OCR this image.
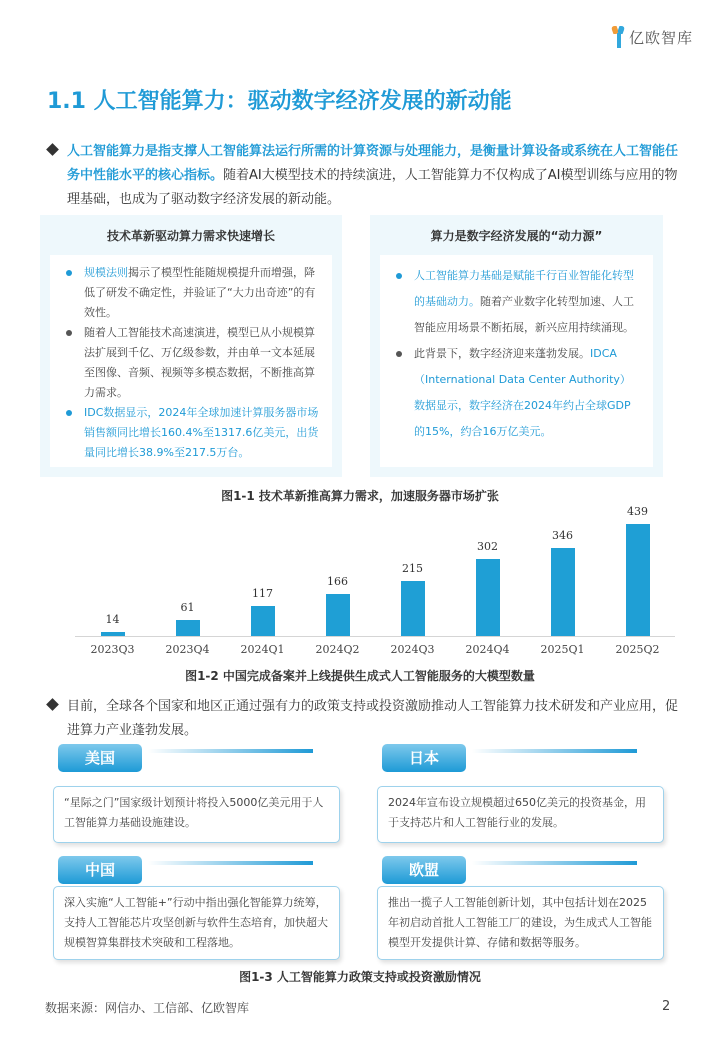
亿欧智库
1.1 人工智能算力：驱动数字经济发展的新动能
人工智能算力是指支撑人工智能算法运行所需的计算资源与处理能力，是衡量计算设备或系统在人工智能任务中性能水平的核心指标。随着AI大模型技术的持续演进，人工智能算力不仅构成了AI模型训练与应用的物理基础，也成为了驱动数字经济发展的新动能。
技术革新驱动算力需求快速增长
规模法则揭示了模型性能随规模提升而增强，降低了研发不确定性，并验证了“大力出奇迹”的有效性。
随着人工智能技术高速演进，模型已从小规模算法扩展到千亿、万亿级参数，并由单一文本延展至图像、音频、视频等多模态数据，不断推高算力需求。
IDC数据显示，2024年全球加速计算服务器市场销售额同比增长160.4%至1317.6亿美元，出货量同比增长38.9%至217.5万台。
算力是数字经济发展的“动力源”
人工智能算力基础是赋能千行百业智能化转型的基础动力。随着产业数字化转型加速、人工智能应用场景不断拓展，新兴应用持续涌现。
此背景下，数字经济迎来蓬勃发展。IDCA（International Data Center Authority）数据显示，数字经济在2024年约占全球GDP的15%，约合16万亿美元。
图1-1 技术革新推高算力需求，加速服务器市场扩张
14
2023Q3
61
2023Q4
117
2024Q1
166
2024Q2
215
2024Q3
302
2024Q4
346
2025Q1
439
2025Q2
图1-2 中国完成备案并上线提供生成式人工智能服务的大模型数量
目前，全球各个国家和地区正通过强有力的政策支持或投资激励推动人工智能算力技术研发和产业应用，促进算力产业蓬勃发展。
美国
“星际之门”国家级计划预计将投入5000亿美元用于人工智能算力基础设施建设。
日本
2024年宣布设立规模超过650亿美元的投资基金，用于支持芯片和人工智能行业的发展。
中国
深入实施“人工智能+”行动中指出强化智能算力统筹，支持人工智能芯片攻坚创新与软件生态培育，加快超大规模智算集群技术突破和工程落地。
欧盟
推出一揽子人工智能创新计划，其中包括计划在2025年初启动首批人工智能工厂的建设，为生成式人工智能模型开发提供计算、存储和数据等服务。
图1-3 人工智能算力政策支持或投资激励情况
数据来源：网信办、工信部、亿欧智库	2
